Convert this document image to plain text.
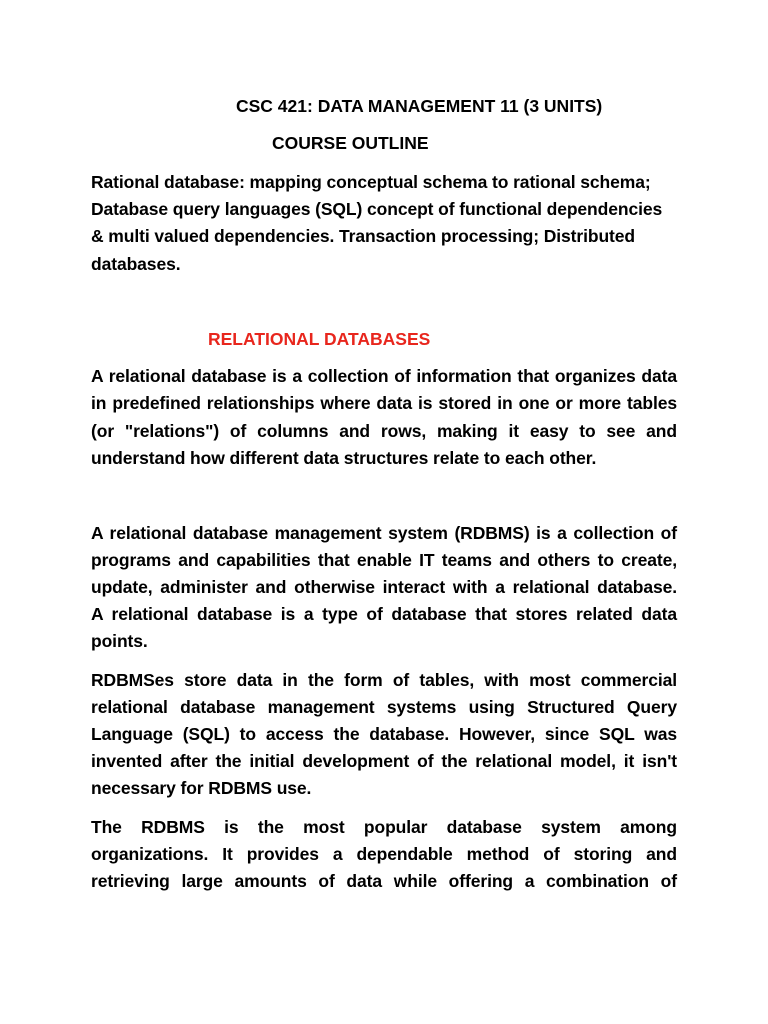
CSC 421: DATA MANAGEMENT 11 (3 UNITS)
COURSE OUTLINE
Rational database: mapping conceptual schema to rational schema;
Database query languages (SQL) concept of functional dependencies
& multi valued dependencies. Transaction processing; Distributed
databases.
RELATIONAL DATABASES
A relational database is a collection of information that organizes data
in predefined relationships where data is stored in one or more tables
(or "relations") of columns and rows, making it easy to see and
understand how different data structures relate to each other.
A relational database management system (RDBMS) is a collection of
programs and capabilities that enable IT teams and others to create,
update, administer and otherwise interact with a relational database.
A relational database is a type of database that stores related data
points.
RDBMSes store data in the form of tables, with most commercial
relational database management systems using Structured Query
Language (SQL) to access the database. However, since SQL was
invented after the initial development of the relational model, it isn't
necessary for RDBMS use.
The RDBMS is the most popular database system among
organizations. It provides a dependable method of storing and
retrieving large amounts of data while offering a combination of
